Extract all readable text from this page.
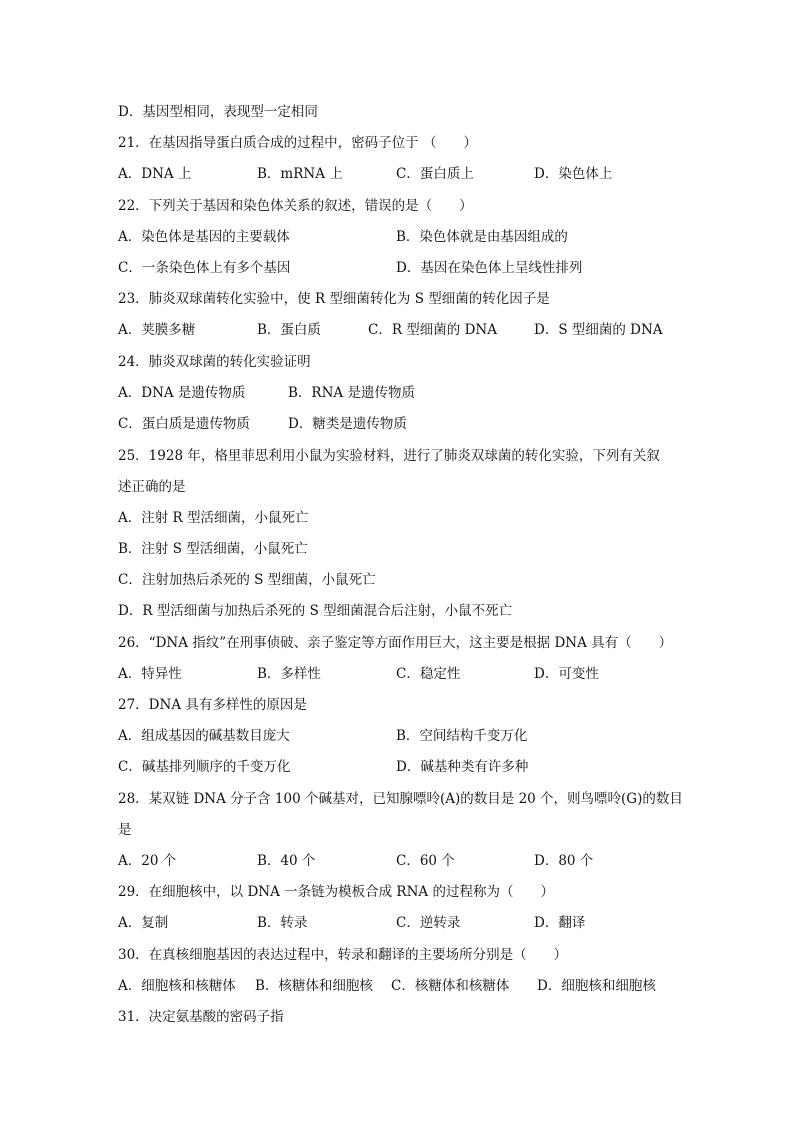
D．基因型相同，表现型一定相同
21．在基因指导蛋白质合成的过程中，密码子位于 （　　）
A．DNA 上	B．mRNA 上	C．蛋白质上	D．染色体上
22．下列关于基因和染色体关系的叙述，错误的是（　　）
A．染色体是基因的主要载体	B．染色体就是由基因组成的
C．一条染色体上有多个基因	D．基因在染色体上呈线性排列
23．肺炎双球菌转化实验中，使 R 型细菌转化为 S 型细菌的转化因子是
A．荚膜多糖	B．蛋白质	C．R 型细菌的 DNA	D．S 型细菌的 DNA
24．肺炎双球菌的转化实验证明
A．DNA 是遗传物质	B．RNA 是遗传物质
C．蛋白质是遗传物质	D．糖类是遗传物质
25．1928 年，格里菲思利用小鼠为实验材料，进行了肺炎双球菌的转化实验，下列有关叙
述正确的是
A．注射 R 型活细菌，小鼠死亡
B．注射 S 型活细菌，小鼠死亡
C．注射加热后杀死的 S 型细菌，小鼠死亡
D．R 型活细菌与加热后杀死的 S 型细菌混合后注射，小鼠不死亡
26．“DNA 指纹”在刑事侦破、亲子鉴定等方面作用巨大，这主要是根据 DNA 具有（　　）
A．特异性	B．多样性	C．稳定性	D．可变性
27．DNA 具有多样性的原因是
A．组成基因的碱基数目庞大	B．空间结构千变万化
C．碱基排列顺序的千变万化	D．碱基种类有许多种
28．某双链 DNA 分子含 100 个碱基对，已知腺嘌呤(A)的数目是 20 个，则鸟嘌呤(G)的数目
是
A．20 个	B．40 个	C．60 个	D．80 个
29．在细胞核中，以 DNA 一条链为模板合成 RNA 的过程称为（　　）
A．复制	B．转录	C．逆转录	D．翻译
30．在真核细胞基因的表达过程中，转录和翻译的主要场所分别是（　　）
A．细胞核和核糖体 B．核糖体和细胞核 C．核糖体和核糖体 D．细胞核和细胞核
31．决定氨基酸的密码子指
